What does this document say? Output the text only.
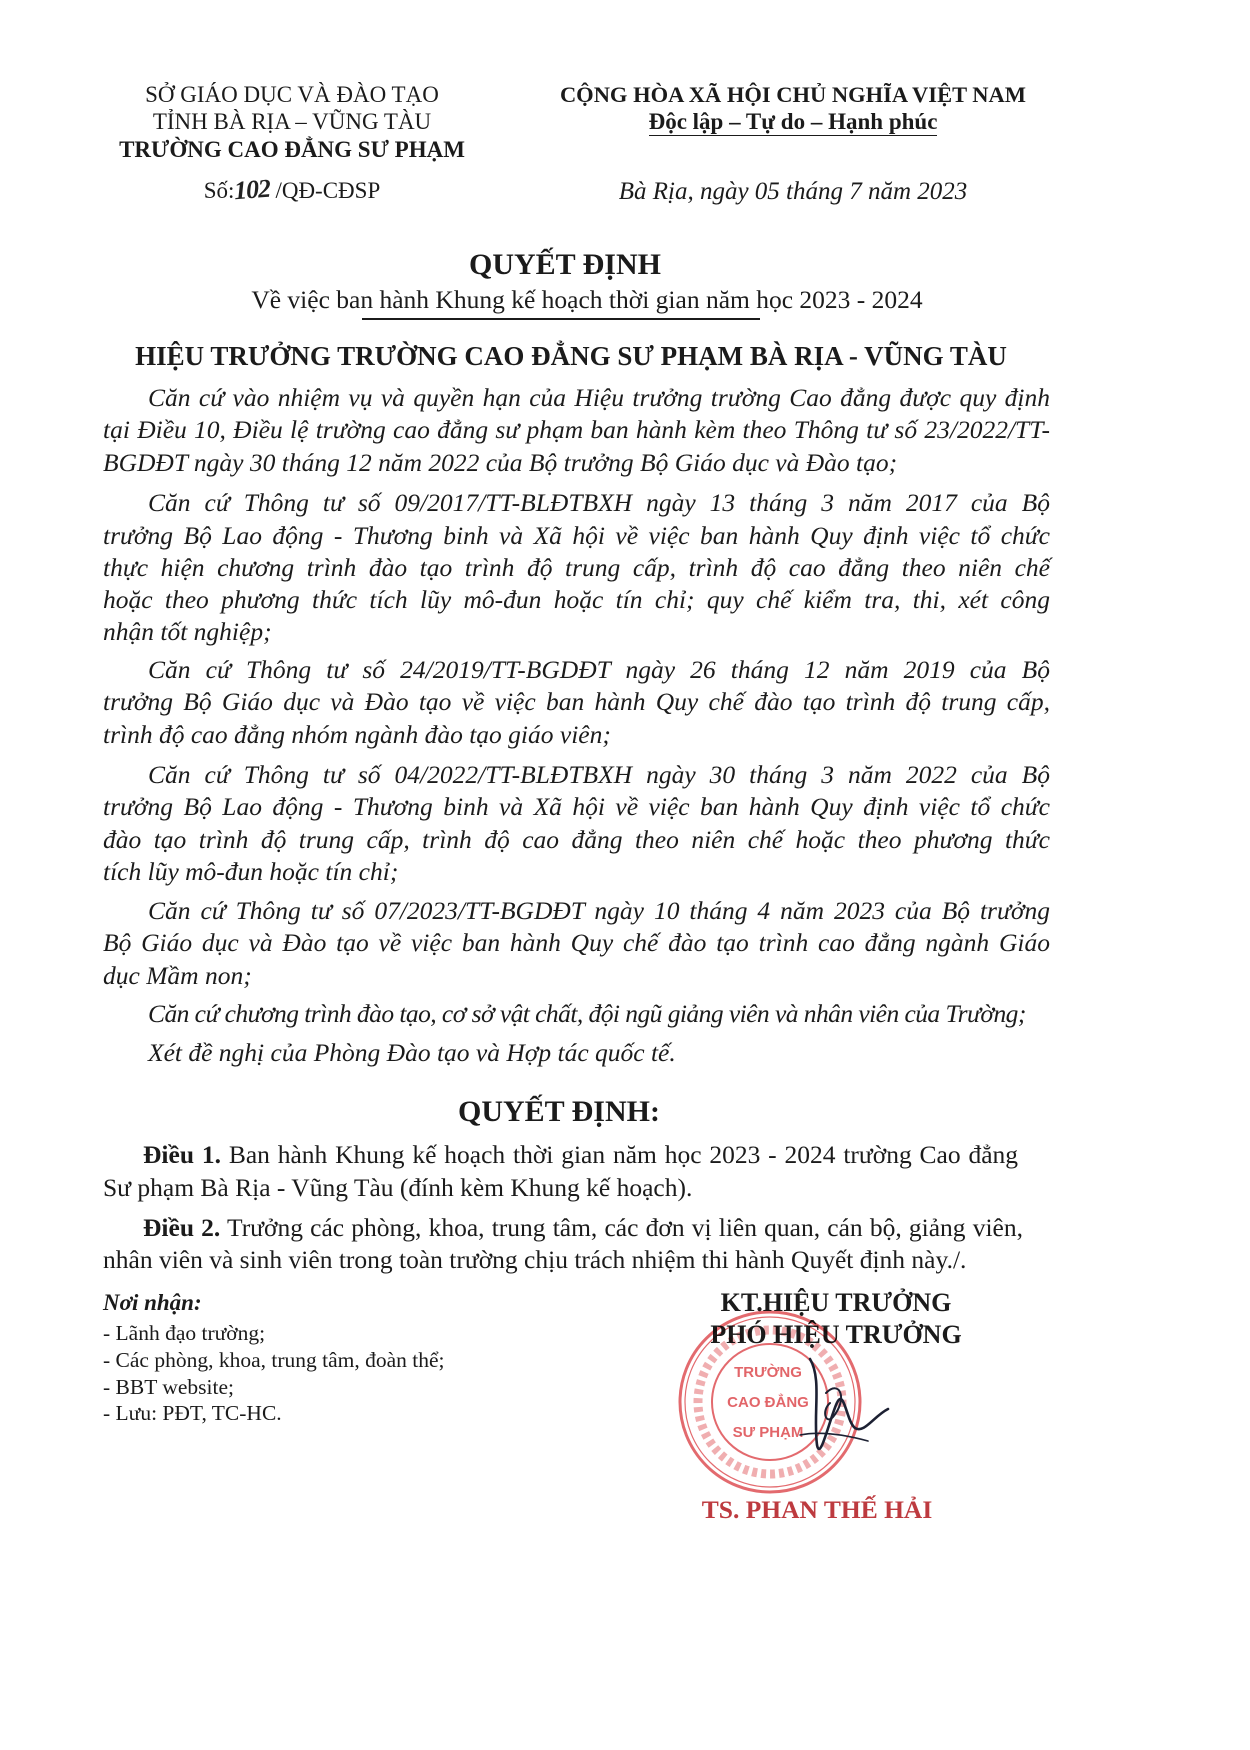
SỞ GIÁO DỤC VÀ ĐÀO TẠO
TỈNH BÀ RỊA – VŨNG TÀU
TRƯỜNG CAO ĐẲNG SƯ PHẠM
Số:102 /QĐ-CĐSP
CỘNG HÒA XÃ HỘI CHỦ NGHĨA VIỆT NAM
Độc lập – Tự do – Hạnh phúc
Bà Rịa, ngày 05 tháng 7 năm 2023
QUYẾT ĐỊNH
Về việc ban hành Khung kế hoạch thời gian năm học 2023 - 2024
HIỆU TRƯỞNG TRƯỜNG CAO ĐẲNG SƯ PHẠM BÀ RỊA - VŨNG TÀU
Căn cứ vào nhiệm vụ và quyền hạn của Hiệu trưởng trường Cao đẳng được quy định
tại Điều 10, Điều lệ trường cao đẳng sư phạm ban hành kèm theo Thông tư số 23/2022/TT-
BGDĐT ngày 30 tháng 12 năm 2022 của Bộ trưởng Bộ Giáo dục và Đào tạo;
Căn cứ Thông tư số 09/2017/TT-BLĐTBXH ngày 13 tháng 3 năm 2017 của Bộ
trưởng Bộ Lao động - Thương binh và Xã hội về việc ban hành Quy định việc tổ chức
thực hiện chương trình đào tạo trình độ trung cấp, trình độ cao đẳng theo niên chế
hoặc theo phương thức tích lũy mô-đun hoặc tín chỉ; quy chế kiểm tra, thi, xét công
nhận tốt nghiệp;
Căn cứ Thông tư số 24/2019/TT-BGDĐT ngày 26 tháng 12 năm 2019 của Bộ
trưởng Bộ Giáo dục và Đào tạo về việc ban hành Quy chế đào tạo trình độ trung cấp,
trình độ cao đẳng nhóm ngành đào tạo giáo viên;
Căn cứ Thông tư số 04/2022/TT-BLĐTBXH ngày 30 tháng 3 năm 2022 của Bộ
trưởng Bộ Lao động - Thương binh và Xã hội về việc ban hành Quy định việc tổ chức
đào tạo trình độ trung cấp, trình độ cao đẳng theo niên chế hoặc theo phương thức
tích lũy mô-đun hoặc tín chỉ;
Căn cứ Thông tư số 07/2023/TT-BGDĐT ngày 10 tháng 4 năm 2023 của Bộ trưởng
Bộ Giáo dục và Đào tạo về việc ban hành Quy chế đào tạo trình cao đẳng ngành Giáo
dục Mầm non;
Căn cứ chương trình đào tạo, cơ sở vật chất, đội ngũ giảng viên và nhân viên của Trường;
Xét đề nghị của Phòng Đào tạo và Hợp tác quốc tế.
QUYẾT ĐỊNH:
Điều 1. Ban hành Khung kế hoạch thời gian năm học 2023 - 2024 trường Cao đẳng
Sư phạm Bà Rịa - Vũng Tàu (đính kèm Khung kế hoạch).
Điều 2. Trưởng các phòng, khoa, trung tâm, các đơn vị liên quan, cán bộ, giảng viên,
nhân viên và sinh viên trong toàn trường chịu trách nhiệm thi hành Quyết định này./.
Nơi nhận:
- Lãnh đạo trường;
- Các phòng, khoa, trung tâm, đoàn thể;
- BBT website;
- Lưu: PĐT, TC-HC.
KT.HIỆU TRƯỞNG
PHÓ HIỆU TRƯỞNG
TRƯỜNG
CAO ĐẲNG
SƯ PHẠM
TS. PHAN THẾ HẢI
